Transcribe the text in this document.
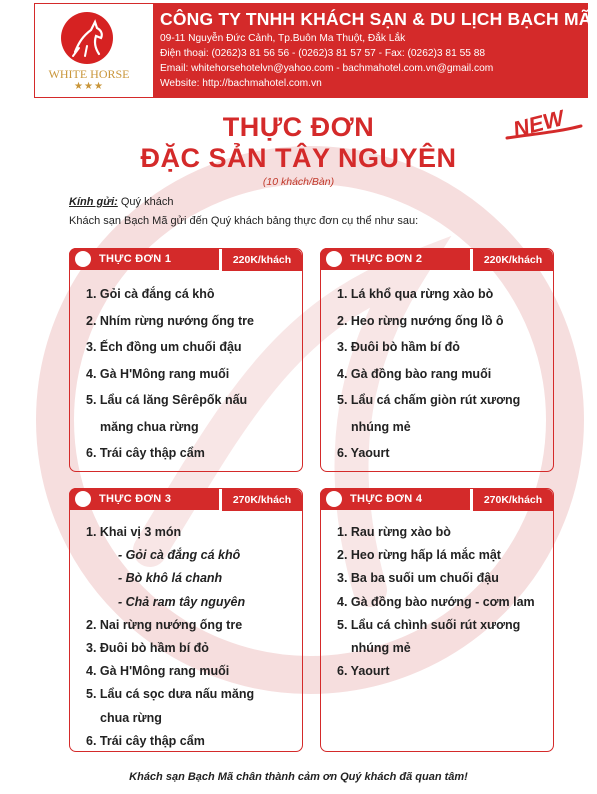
WHITE HORSE
★★★
CÔNG TY TNHH KHÁCH SẠN & DU LỊCH BẠCH MÃ
09-11 Nguyễn Đức Cảnh, Tp.Buôn Ma Thuột, Đắk Lắk
Điện thoại: (0262)3 81 56 56 - (0262)3 81 57 57 - Fax: (0262)3 81 55 88
Email: whitehorsehotelvn@yahoo.com - bachmahotel.com.vn@gmail.com
Website: http://bachmahotel.com.vn
NEW
THỰC ĐƠN
ĐẶC SẢN TÂY NGUYÊN
(10 khách/Bàn)
Kính gửi: Quý khách
Khách sạn Bạch Mã gửi đến Quý khách bảng thực đơn cụ thể như sau:
THỰC ĐƠN 1	220K/khách
1. Gỏi cà đắng cá khô
2. Nhím rừng nướng ống tre
3. Ếch đồng um chuối đậu
4. Gà H'Mông rang muối
5. Lẩu cá lăng Sêrêpốk nấu
măng chua rừng
6. Trái cây thập cẩm
THỰC ĐƠN 2	220K/khách
1. Lá khổ qua rừng xào bò
2. Heo rừng nướng ống lồ ô
3. Đuôi bò hầm bí đỏ
4. Gà đồng bào rang muối
5. Lẩu cá chấm giòn rút xương
nhúng mẻ
6. Yaourt
THỰC ĐƠN 3	270K/khách
1. Khai vị 3 món
- Gỏi cà đắng cá khô
- Bò khô lá chanh
- Chả ram tây nguyên
2. Nai rừng nướng ống tre
3. Đuôi bò hầm bí đỏ
4. Gà H'Mông rang muối
5. Lẩu cá sọc dưa nấu măng
chua rừng
6. Trái cây thập cẩm
THỰC ĐƠN 4	270K/khách
1. Rau rừng xào bò
2. Heo rừng hấp lá mắc mật
3. Ba ba suối um chuối đậu
4. Gà đồng bào nướng - cơm lam
5. Lẩu cá chình suối rút xương
nhúng mẻ
6. Yaourt
Khách sạn Bạch Mã chân thành cảm ơn Quý khách đã quan tâm!
